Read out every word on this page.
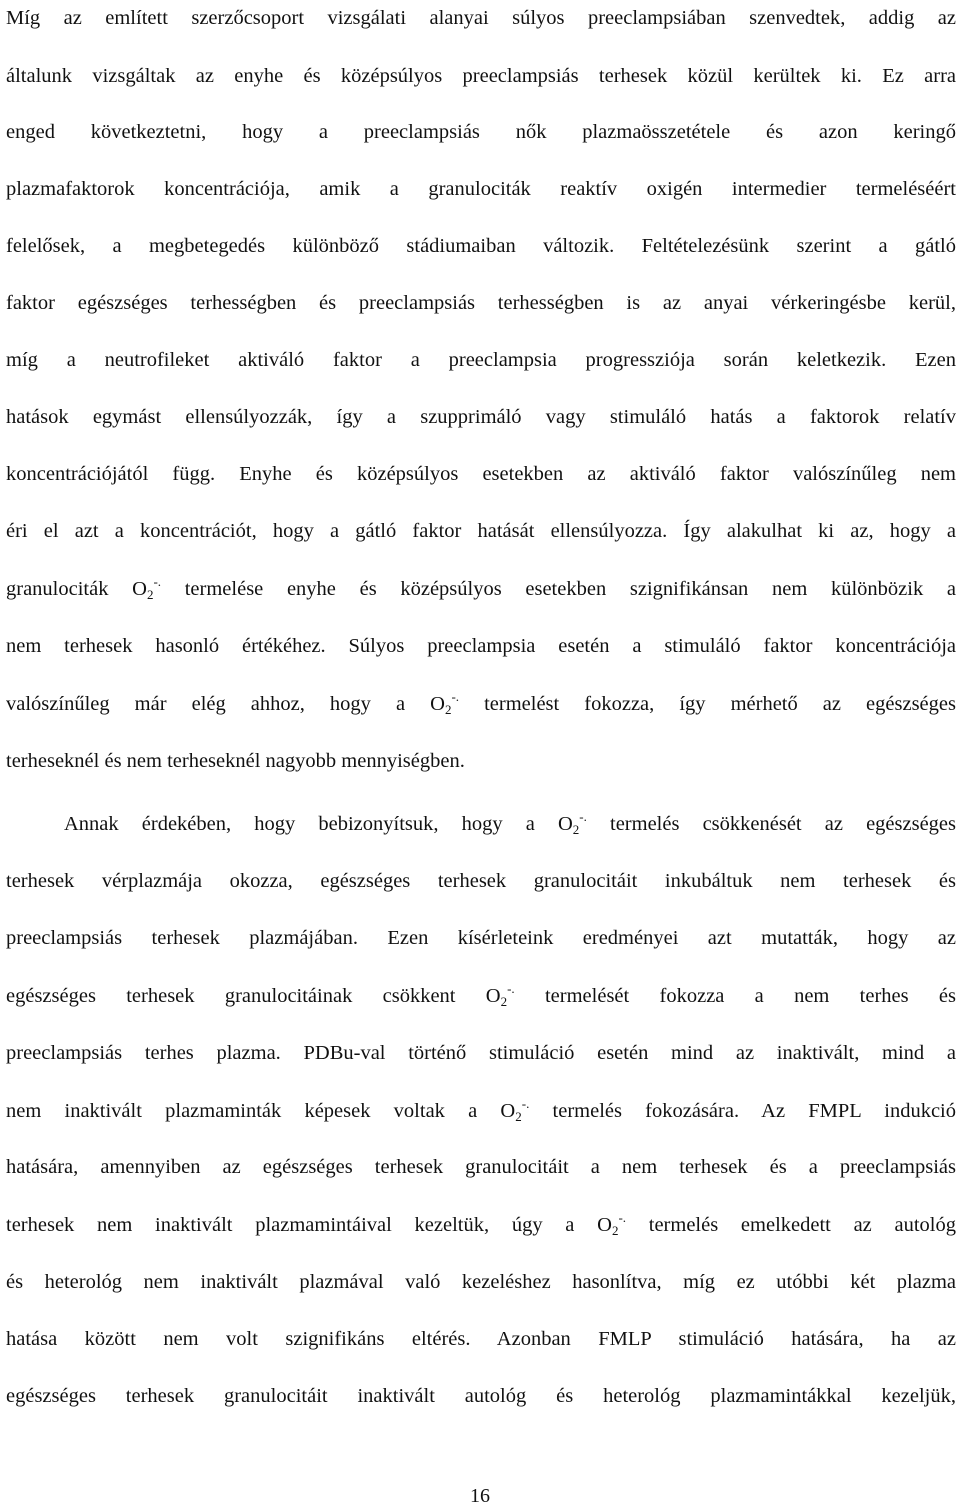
Míg az említett szerzőcsoport vizsgálati alanyai súlyos preeclampsiában szenvedtek, addig az
általunk vizsgáltak az enyhe és középsúlyos preeclampsiás terhesek közül kerültek ki. Ez arra
enged következtetni, hogy a preeclampsiás nők plazmaösszetétele és azon keringő
plazmafaktorok koncentrációja, amik a granulociták reaktív oxigén intermedier termeléséért
felelősek, a megbetegedés különböző stádiumaiban változik. Feltételezésünk szerint a gátló
faktor egészséges terhességben és preeclampsiás terhességben is az anyai vérkeringésbe kerül,
míg a neutrofileket aktiváló faktor a preeclampsia progressziója során keletkezik. Ezen
hatások egymást ellensúlyozzák, így a szupprimáló vagy stimuláló hatás a faktorok relatív
koncentrációjától függ. Enyhe és középsúlyos esetekben az aktiváló faktor valószínűleg nem
éri el azt a koncentrációt, hogy a gátló faktor hatását ellensúlyozza. Így alakulhat ki az, hogy a
granulociták $O_2^{-.}$ termelése enyhe és középsúlyos esetekben szignifikánsan nem különbözik a
nem terhesek hasonló értékéhez. Súlyos preeclampsia esetén a stimuláló faktor koncentrációja
valószínűleg már elég ahhoz, hogy a $O_2^{-.}$ termelést fokozza, így mérhető az egészséges
terheseknél és nem terheseknél nagyobb mennyiségben.
Annak érdekében, hogy bebizonyítsuk, hogy a $O_2^{-.}$ termelés csökkenését az egészséges
terhesek vérplazmája okozza, egészséges terhesek granulocitáit inkubáltuk nem terhesek és
preeclampsiás terhesek plazmájában. Ezen kísérleteink eredményei azt mutatták, hogy az
egészséges terhesek granulocitáinak csökkent $O_2^{-.}$ termelését fokozza a nem terhes és
preeclampsiás terhes plazma. PDBu-val történő stimuláció esetén mind az inaktivált, mind a
nem inaktivált plazmaminták képesek voltak a $O_2^{-.}$ termelés fokozására. Az FMPL indukció
hatására, amennyiben az egészséges terhesek granulocitáit a nem terhesek és a preeclampsiás
terhesek nem inaktivált plazmamintáival kezeltük, úgy a $O_2^{-.}$ termelés emelkedett az autológ
és heterológ nem inaktivált plazmával való kezeléshez hasonlítva, míg ez utóbbi két plazma
hatása között nem volt szignifikáns eltérés. Azonban FMLP stimuláció hatására, ha az
egészséges terhesek granulocitáit inaktivált autológ és heterológ plazmamintákkal kezeljük,
16
